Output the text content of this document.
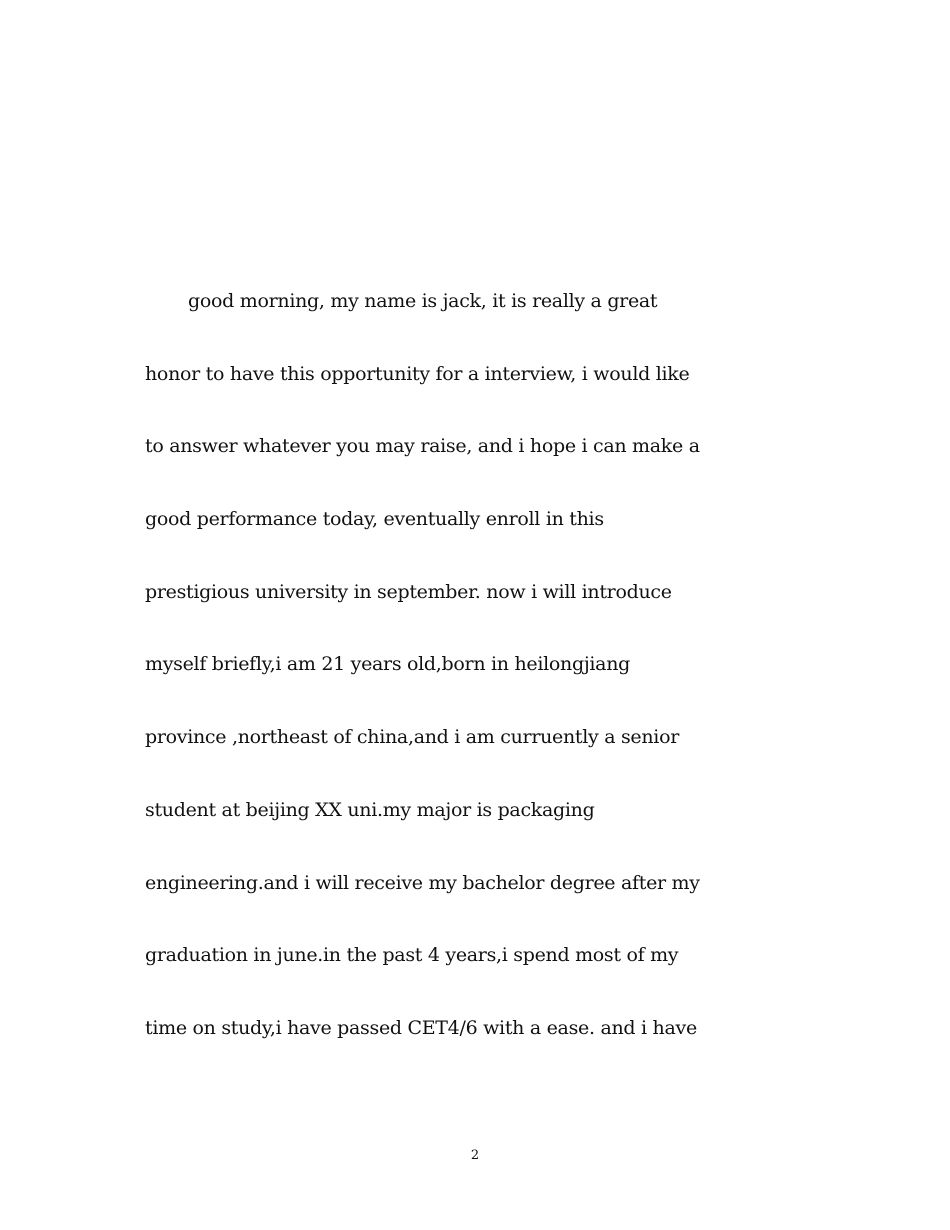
good morning, my name is jack, it is really a great
honor to have this opportunity for a interview, i would like
to answer whatever you may raise, and i hope i can make a
good performance today, eventually enroll in this
prestigious university in september. now i will introduce
myself briefly,i am 21 years old,born in heilongjiang
province ,northeast of china,and i am curruently a senior
student at beijing XX uni.my major is packaging
engineering.and i will receive my bachelor degree after my
graduation in june.in the past 4 years,i spend most of my
time on study,i have passed CET4/6 with a ease. and i have
2
